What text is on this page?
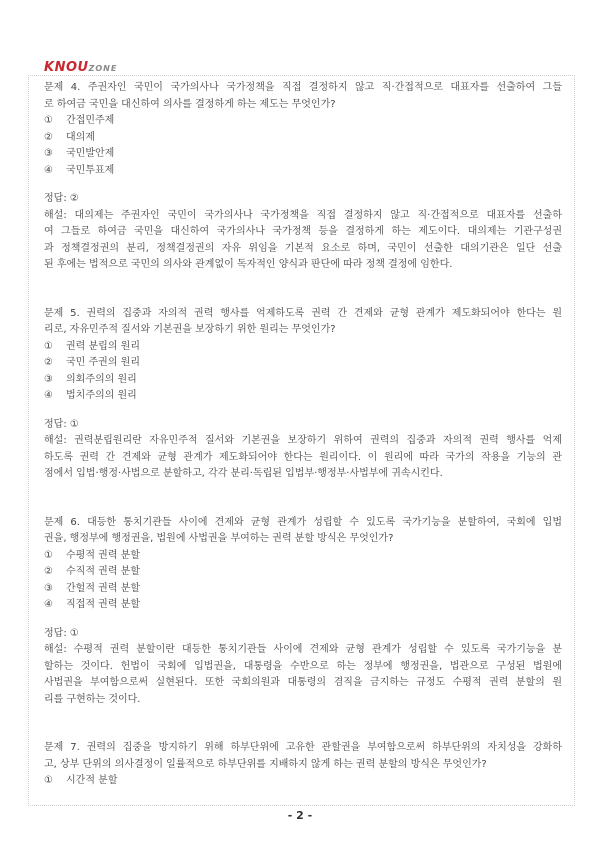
KNOUZONE
문제 4. 주권자인 국민이 국가의사나 국가정책을 직접 결정하지 않고 직·간접적으로 대표자를 선출하여 그들
로 하여금 국민을 대신하여 의사를 결정하게 하는 제도는 무엇인가?
① 간접민주제
② 대의제
③ 국민발안제
④ 국민투표제
정답: ②
해설: 대의제는 주권자인 국민이 국가의사나 국가정책을 직접 결정하지 않고 직·간접적으로 대표자를 선출하
여 그들로 하여금 국민을 대신하여 국가의사나 국가정책 등을 결정하게 하는 제도이다. 대의제는 기관구성권
과 정책결정권의 분리, 정책결정권의 자유 위임을 기본적 요소로 하며, 국민이 선출한 대의기관은 일단 선출
된 후에는 법적으로 국민의 의사와 관계없이 독자적인 양식과 판단에 따라 정책 결정에 임한다.
문제 5. 권력의 집중과 자의적 권력 행사를 억제하도록 권력 간 견제와 균형 관계가 제도화되어야 한다는 원
리로, 자유민주적 질서와 기본권을 보장하기 위한 원리는 무엇인가?
① 권력 분립의 원리
② 국민 주권의 원리
③ 의회주의의 원리
④ 법치주의의 원리
정답: ①
해설: 권력분립원리란 자유민주적 질서와 기본권을 보장하기 위하여 권력의 집중과 자의적 권력 행사를 억제
하도록 권력 간 견제와 균형 관계가 제도화되어야 한다는 원리이다. 이 원리에 따라 국가의 작용을 기능의 관
점에서 입법·행정·사법으로 분할하고, 각각 분리·독립된 입법부·행정부·사법부에 귀속시킨다.
문제 6. 대등한 통치기관들 사이에 견제와 균형 관계가 성립할 수 있도록 국가기능을 분할하여, 국회에 입법
권을, 행정부에 행정권을, 법원에 사법권을 부여하는 권력 분할 방식은 무엇인가?
① 수평적 권력 분할
② 수직적 권력 분할
③ 간헐적 권력 분할
④ 직접적 권력 분할
정답: ①
해설: 수평적 권력 분할이란 대등한 통치기관들 사이에 견제와 균형 관계가 성립할 수 있도록 국가기능을 분
할하는 것이다. 헌법이 국회에 입법권을, 대통령을 수반으로 하는 정부에 행정권을, 법관으로 구성된 법원에
사법권을 부여함으로써 실현된다. 또한 국회의원과 대통령의 겸직을 금지하는 규정도 수평적 권력 분할의 원
리를 구현하는 것이다.
문제 7. 권력의 집중을 방지하기 위해 하부단위에 고유한 관할권을 부여함으로써 하부단위의 자치성을 강화하
고, 상부 단위의 의사결정이 일률적으로 하부단위를 지배하지 않게 하는 권력 분할의 방식은 무엇인가?
① 시간적 분할
- 2 -
